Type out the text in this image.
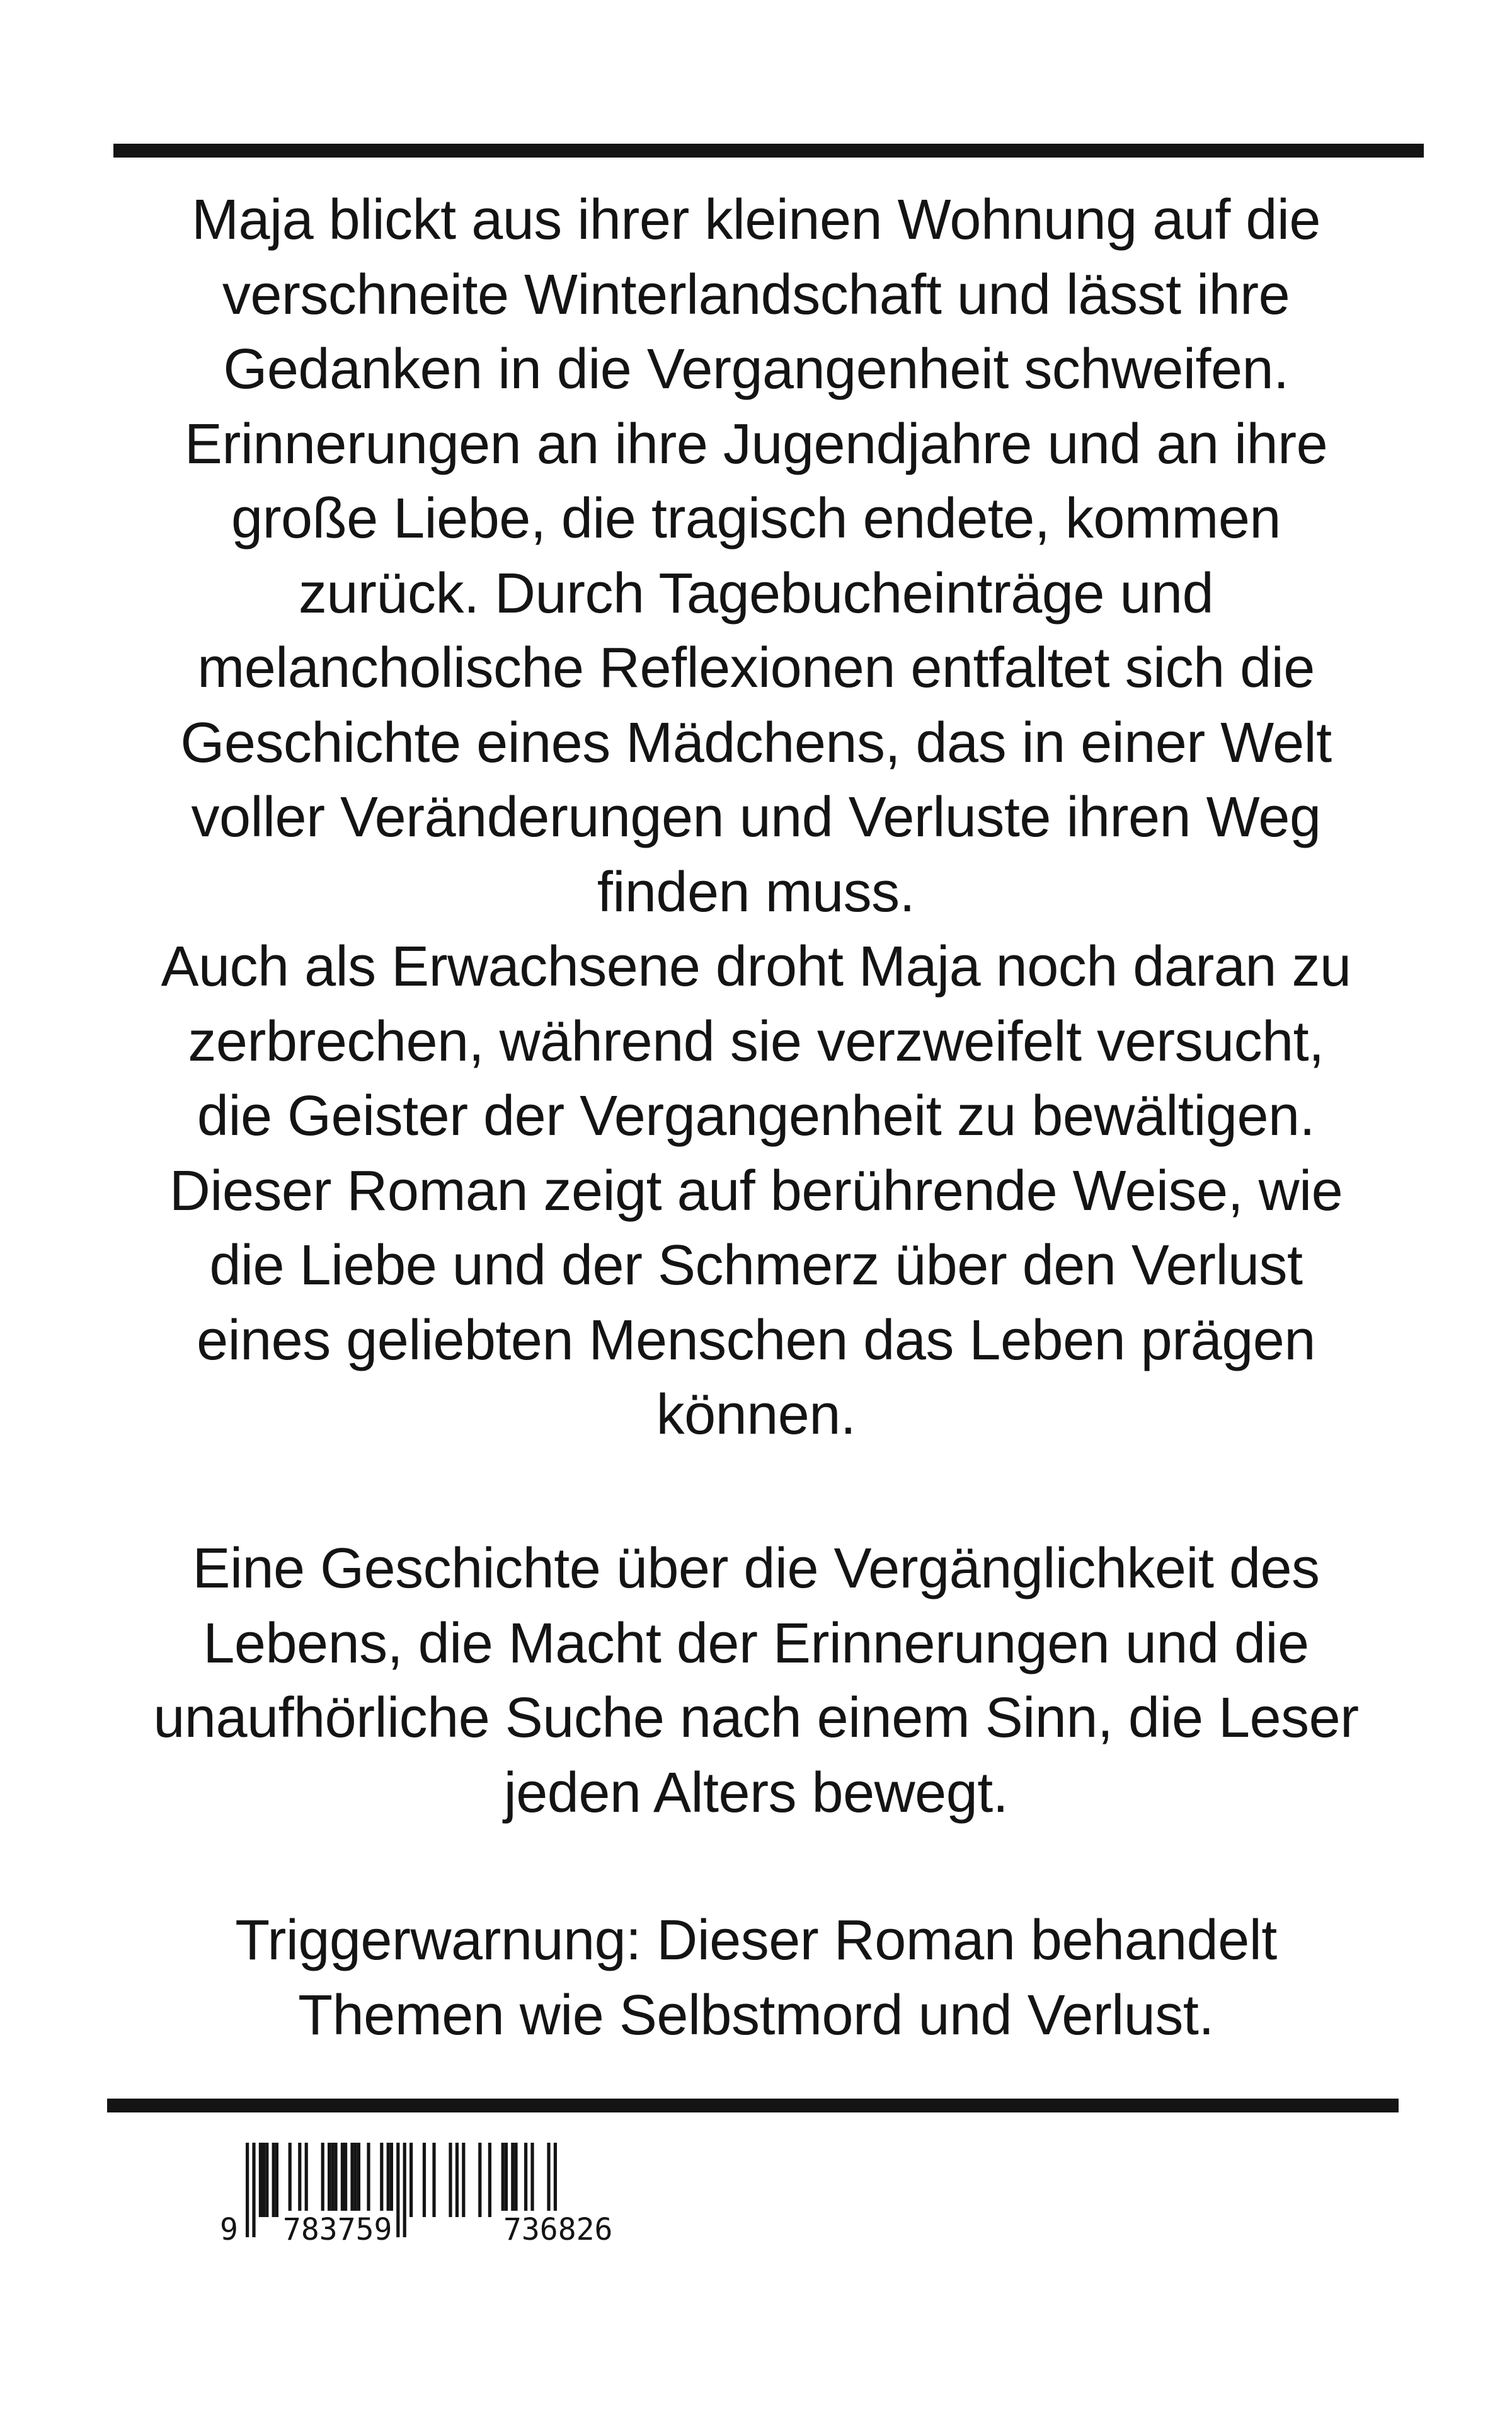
Maja blickt aus ihrer kleinen Wohnung auf die
verschneite Winterlandschaft und lässt ihre
Gedanken in die Vergangenheit schweifen.
Erinnerungen an ihre Jugendjahre und an ihre
große Liebe, die tragisch endete, kommen
zurück. Durch Tagebucheinträge und
melancholische Reflexionen entfaltet sich die
Geschichte eines Mädchens, das in einer Welt
voller Veränderungen und Verluste ihren Weg
finden muss.
Auch als Erwachsene droht Maja noch daran zu
zerbrechen, während sie verzweifelt versucht,
die Geister der Vergangenheit zu bewältigen.
Dieser Roman zeigt auf berührende Weise, wie
die Liebe und der Schmerz über den Verlust
eines geliebten Menschen das Leben prägen
können.
Eine Geschichte über die Vergänglichkeit des
Lebens, die Macht der Erinnerungen und die
unaufhörliche Suche nach einem Sinn, die Leser
jeden Alters bewegt.
Triggerwarnung: Dieser Roman behandelt
Themen wie Selbstmord und Verlust.
9 783759	736826
